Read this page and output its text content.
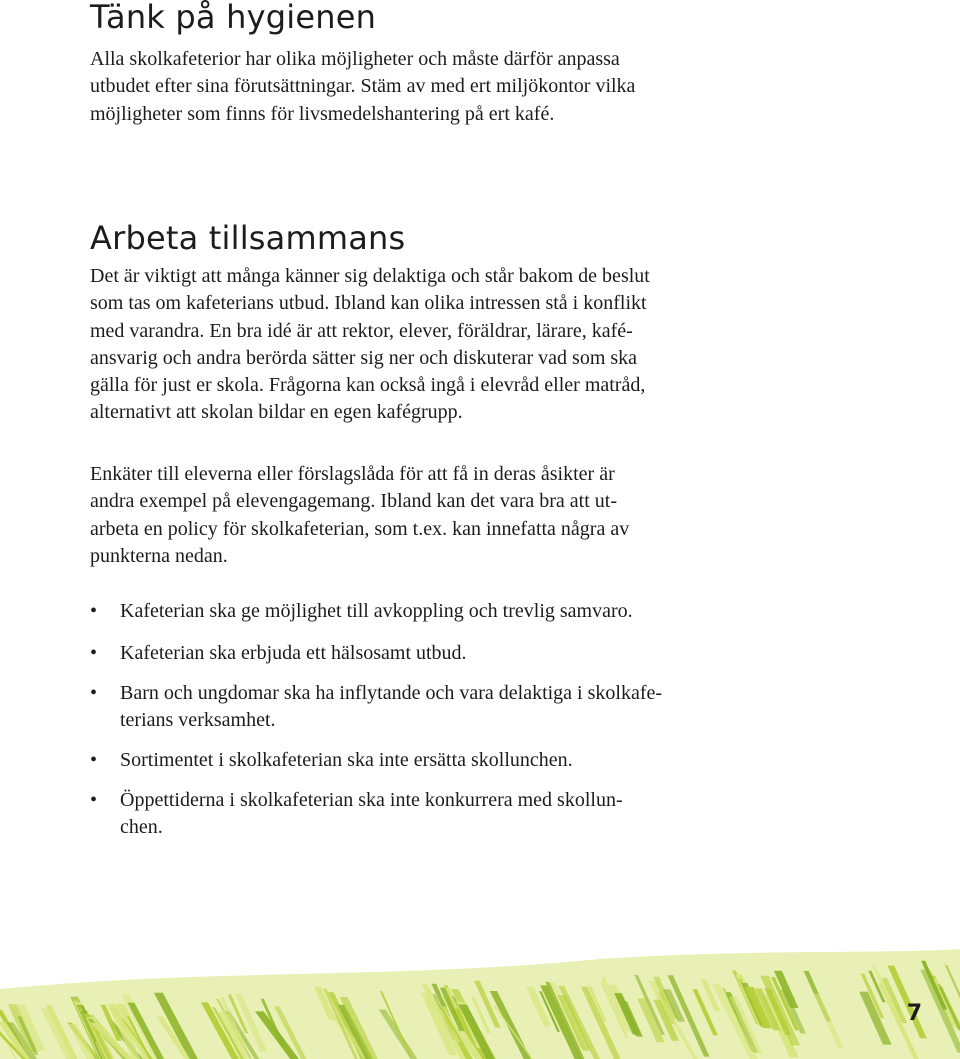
Tänk på hygienen

Alla skolkafeterior har olika möjligheter och måste därför anpassa
utbudet efter sina förutsättningar. Stäm av med ert miljökontor vilka
möjligheter som finns för livsmedelshantering på ert kafé.

Arbeta tillsammans

Det är viktigt att många känner sig delaktiga och står bakom de beslut
som tas om kafeterians utbud. Ibland kan olika intressen stå i konflikt
med varandra. En bra idé är att rektor, elever, föräldrar, lärare, kafé-
ansvarig och andra berörda sätter sig ner och diskuterar vad som ska
gälla för just er skola. Frågorna kan också ingå i elevråd eller matråd,
alternativt att skolan bildar en egen kafégrupp.

Enkäter till eleverna eller förslagslåda för att få in deras åsikter är
andra exempel på elevengagemang. Ibland kan det vara bra att ut-
arbeta en policy för skolkafeterian, som t.ex. kan innefatta några av
punkterna nedan.

• Kafeterian ska ge möjlighet till avkoppling och trevlig samvaro.
• Kafeterian ska erbjuda ett hälsosamt utbud.
• Barn och ungdomar ska ha inflytande och vara delaktiga i skolkafe-
terians verksamhet.
• Sortimentet i skolkafeterian ska inte ersätta skollunchen.
• Öppettiderna i skolkafeterian ska inte konkurrera med skollun-
chen.
7
